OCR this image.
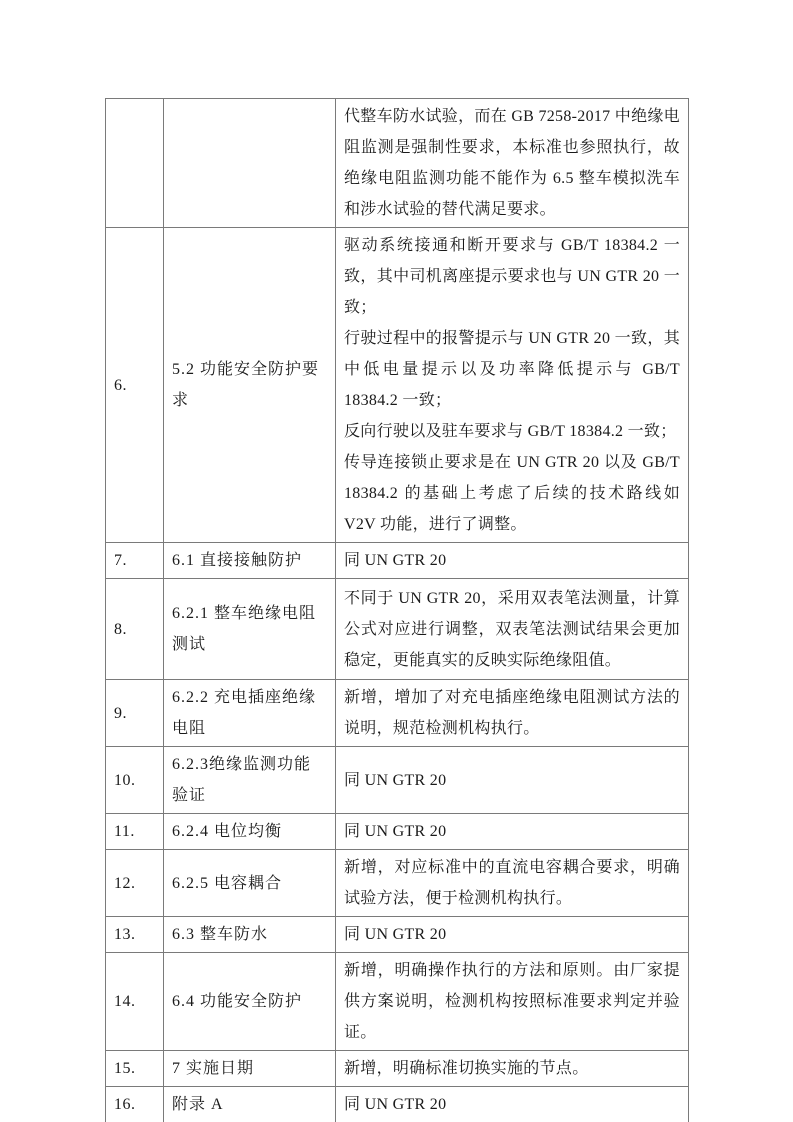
		代整车防水试验，而在 GB 7258-2017 中绝缘电阻监测是强制性要求，本标准也参照执行，故绝缘电阻监测功能不能作为 6.5 整车模拟洗车和涉水试验的替代满足要求。

6.	5.2 功能安全防护要求	驱动系统接通和断开要求与 GB/T 18384.2 一致，其中司机离座提示要求也与 UN GTR 20 一致；

行驶过程中的报警提示与 UN GTR 20 一致，其中低电量提示以及功率降低提示与 GB/T 18384.2 一致；

反向行驶以及驻车要求与 GB/T 18384.2 一致；

传导连接锁止要求是在 UN GTR 20 以及 GB/T 18384.2 的基础上考虑了后续的技术路线如 V2V 功能，进行了调整。

7.	6.1 直接接触防护	同 UN GTR 20

8.	6.2.1 整车绝缘电阻测试	不同于 UN GTR 20，采用双表笔法测量，计算公式对应进行调整，双表笔法测试结果会更加稳定，更能真实的反映实际绝缘阻值。

9.	6.2.2 充电插座绝缘电阻	新增，增加了对充电插座绝缘电阻测试方法的说明，规范检测机构执行。

10.	6.2.3绝缘监测功能验证	同 UN GTR 20

11.	6.2.4 电位均衡	同 UN GTR 20

12.	6.2.5 电容耦合	新增，对应标准中的直流电容耦合要求，明确试验方法，便于检测机构执行。

13.	6.3 整车防水	同 UN GTR 20

14.	6.4 功能安全防护	新增，明确操作执行的方法和原则。由厂家提供方案说明，检测机构按照标准要求判定并验证。

15.	7 实施日期	新增，明确标准切换实施的节点。

16.	附录 A	同 UN GTR 20
